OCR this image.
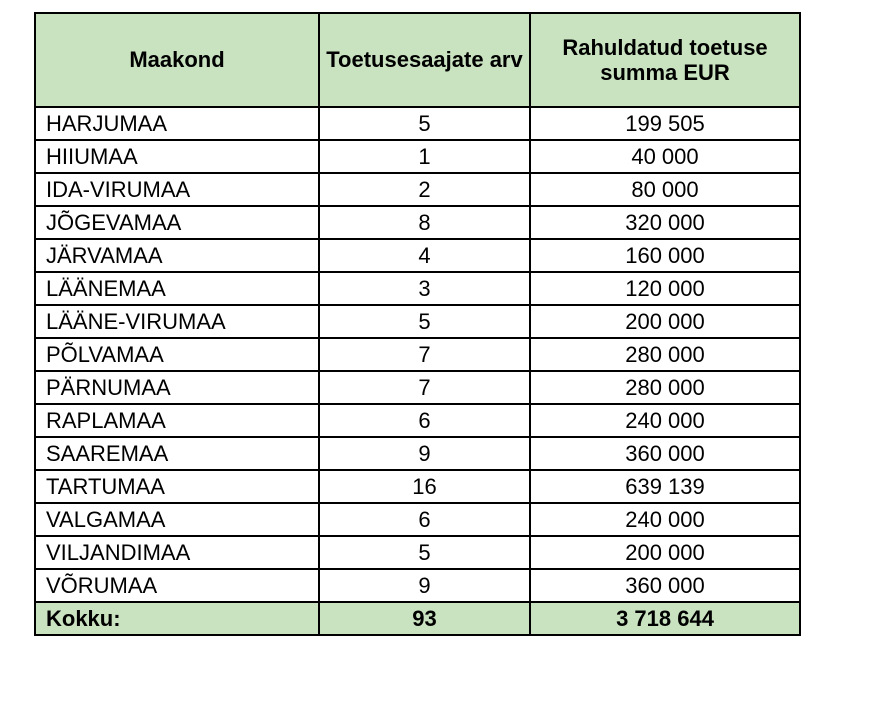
Maakond	Toetusesaajate arv	Rahuldatud toetuse summa EUR
HARJUMAA	5	199 505
HIIUMAA	1	40 000
IDA-VIRUMAA	2	80 000
JÕGEVAMAA	8	320 000
JÄRVAMAA	4	160 000
LÄÄNEMAA	3	120 000
LÄÄNE-VIRUMAA	5	200 000
PÕLVAMAA	7	280 000
PÄRNUMAA	7	280 000
RAPLAMAA	6	240 000
SAAREMAA	9	360 000
TARTUMAA	16	639 139
VALGAMAA	6	240 000
VILJANDIMAA	5	200 000
VÕRUMAA	9	360 000
Kokku:	93	3 718 644
